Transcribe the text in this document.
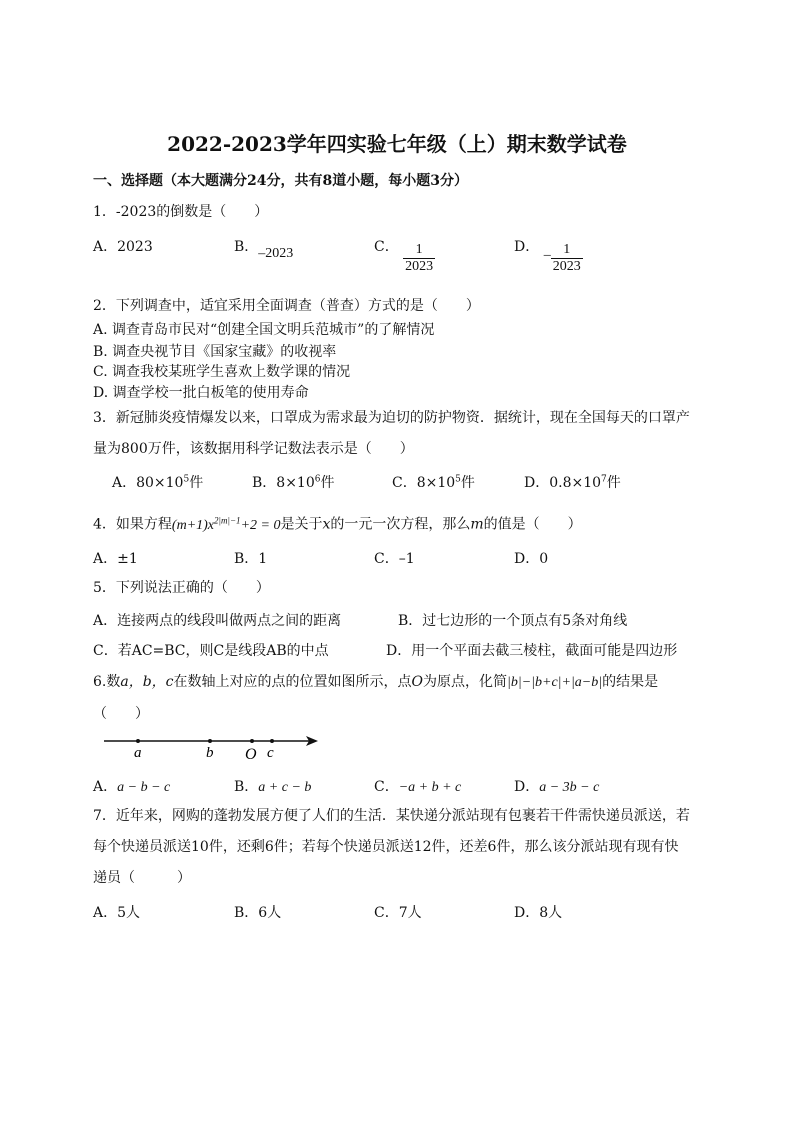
2022-2023学年四实验七年级（上）期末数学试卷
一、选择题（本大题满分24分，共有8道小题，每小题3分）
1．-2023的倒数是（　　）
A．2023	B．–2023	C． $\frac{1}{2023}$	D． – $\frac{1}{2023}$
2．下列调查中，适宜采用全面调查（普查）方式的是（　　）
A. 调查青岛市民对“创建全国文明兵范城市”的了解情况
B. 调查央视节目《国家宝藏》的收视率
C. 调查我校某班学生喜欢上数学课的情况
D. 调查学校一批白板笔的使用寿命
3．新冠肺炎疫情爆发以来，口罩成为需求最为迫切的防护物资．据统计，现在全国每天的口罩产
量为800万件，该数据用科学记数法表示是（　　）
A．$80\times 10^5$件	B．$8\times 10^6$件	C．$8\times 10^5$件	D．$0.8\times 10^7$件
4．如果方程$(m+1)x^{2|m|-1}+2 = 0$是关于x的一元一次方程，那么m的值是（　　）
A．±1	B．1	C．–1	D．0
5．下列说法正确的（　　）
A．连接两点的线段叫做两点之间的距离	B．过七边形的一个顶点有5条对角线
C．若AC=BC，则C是线段AB的中点	D．用一个平面去截三棱柱，截面可能是四边形
6.数a，b，c在数轴上对应的点的位置如图所示，点O为原点，化简|b|−|b+c|+|a−b|的结果是
（　　）
a	b O c
A．a − b − c	B．a + c − b	C．−a + b + c	D．a − 3b − c
7．近年来，网购的蓬勃发展方便了人们的生活．某快递分派站现有包裹若干件需快递员派送，若
每个快递员派送10件，还剩6件；若每个快递员派送12件，还差6件，那么该分派站现有现有快
递员（　　　）
A．5人	B．6人	C．7人	D．8人
